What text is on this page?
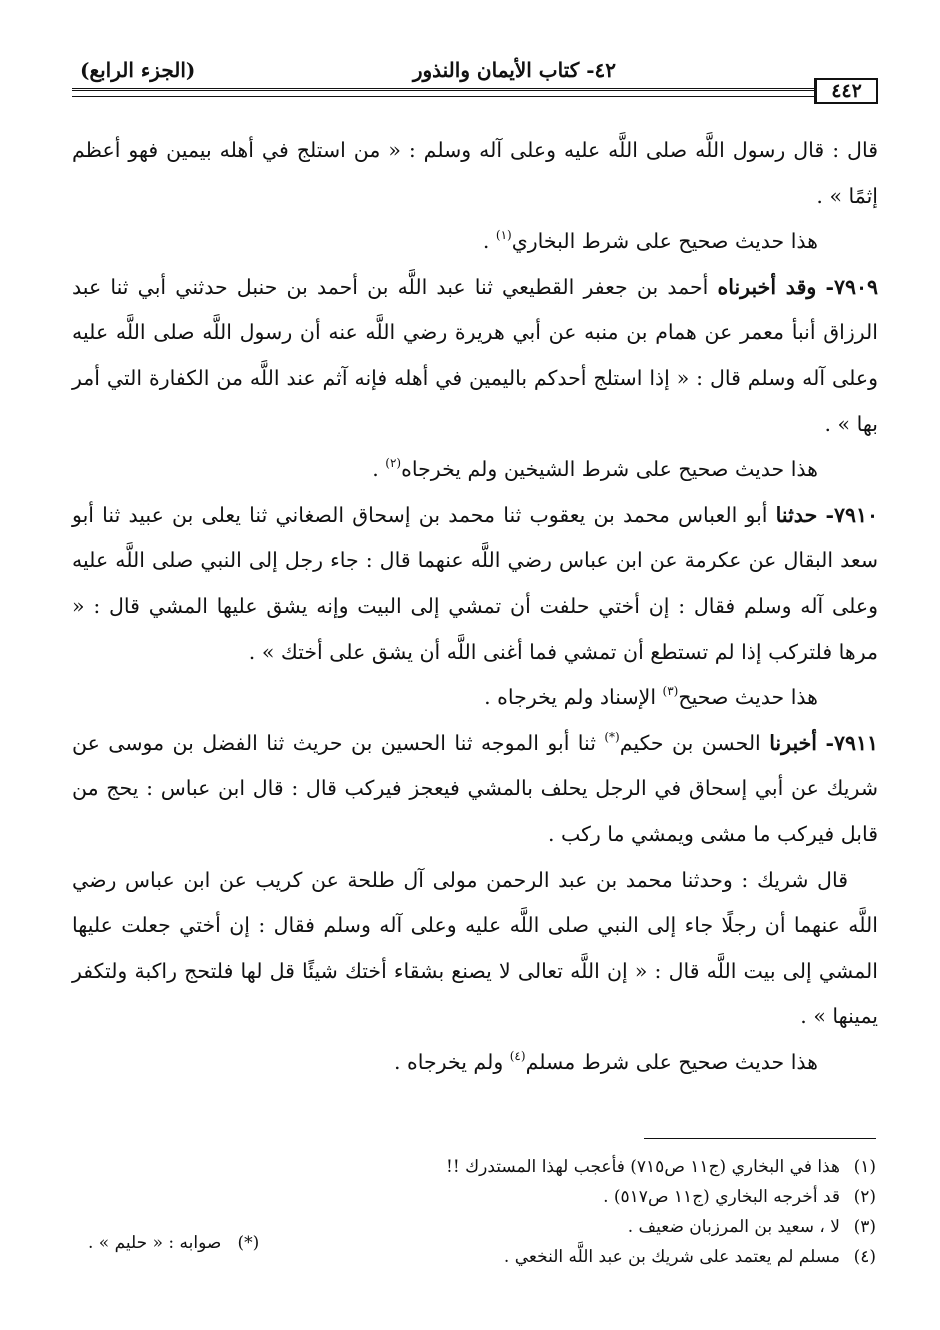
٤٢- كتاب الأيمان والنذور
(الجزء الرابع)
٤٤٢

قال : قال رسول اللَّه صلى اللَّه عليه وعلى آله وسلم : « من استلج في أهله بيمين فهو أعظم إثمًا » .

هذا حديث صحيح على شرط البخاري$^{(١)}$ .

٧٩٠٩- وقد أخبرناه أحمد بن جعفر القطيعي ثنا عبد اللَّه بن أحمد بن حنبل حدثني أبي ثنا عبد الرزاق أنبأ معمر عن همام بن منبه عن أبي هريرة رضي اللَّه عنه أن رسول اللَّه صلى اللَّه عليه وعلى آله وسلم قال : « إذا استلج أحدكم باليمين في أهله فإنه آثم عند اللَّه من الكفارة التي أمر بها » .

هذا حديث صحيح على شرط الشيخين ولم يخرجاه$^{(٢)}$ .

٧٩١٠- حدثنا أبو العباس محمد بن يعقوب ثنا محمد بن إسحاق الصغاني ثنا يعلى بن عبيد ثنا أبو سعد البقال عن عكرمة عن ابن عباس رضي اللَّه عنهما قال : جاء رجل إلى النبي صلى اللَّه عليه وعلى آله وسلم فقال : إن أختي حلفت أن تمشي إلى البيت وإنه يشق عليها المشي قال : « مرها فلتركب إذا لم تستطع أن تمشي فما أغنى اللَّه أن يشق على أختك » .

هذا حديث صحيح$^{(٣)}$ الإسناد ولم يخرجاه .

٧٩١١- أخبرنا الحسن بن حكيم(*) ثنا أبو الموجه ثنا الحسين بن حريث ثنا الفضل بن موسى عن شريك عن أبي إسحاق في الرجل يحلف بالمشي فيعجز فيركب قال : قال ابن عباس : يحج من قابل فيركب ما مشى ويمشي ما ركب .

قال شريك : وحدثنا محمد بن عبد الرحمن مولى آل طلحة عن كريب عن ابن عباس رضي اللَّه عنهما أن رجلًا جاء إلى النبي صلى اللَّه عليه وعلى آله وسلم فقال : إن أختي جعلت عليها المشي إلى بيت اللَّه قال : « إن اللَّه تعالى لا يصنع بشقاء أختك شيئًا قل لها فلتحج راكبة ولتكفر يمينها » .

هذا حديث صحيح على شرط مسلم$^{(٤)}$ ولم يخرجاه .

(١)هذا في البخاري (ج١١ ص٧١٥) فأعجب لهذا المستدرك !!
(٢)قد أخرجه البخاري (ج١١ ص٥١٧) .
(٣)لا ، سعيد بن المرزبان ضعيف .
(٤)مسلم لم يعتمد على شريك بن عبد اللَّه النخعي .
(*)   صوابه : « حليم » .
